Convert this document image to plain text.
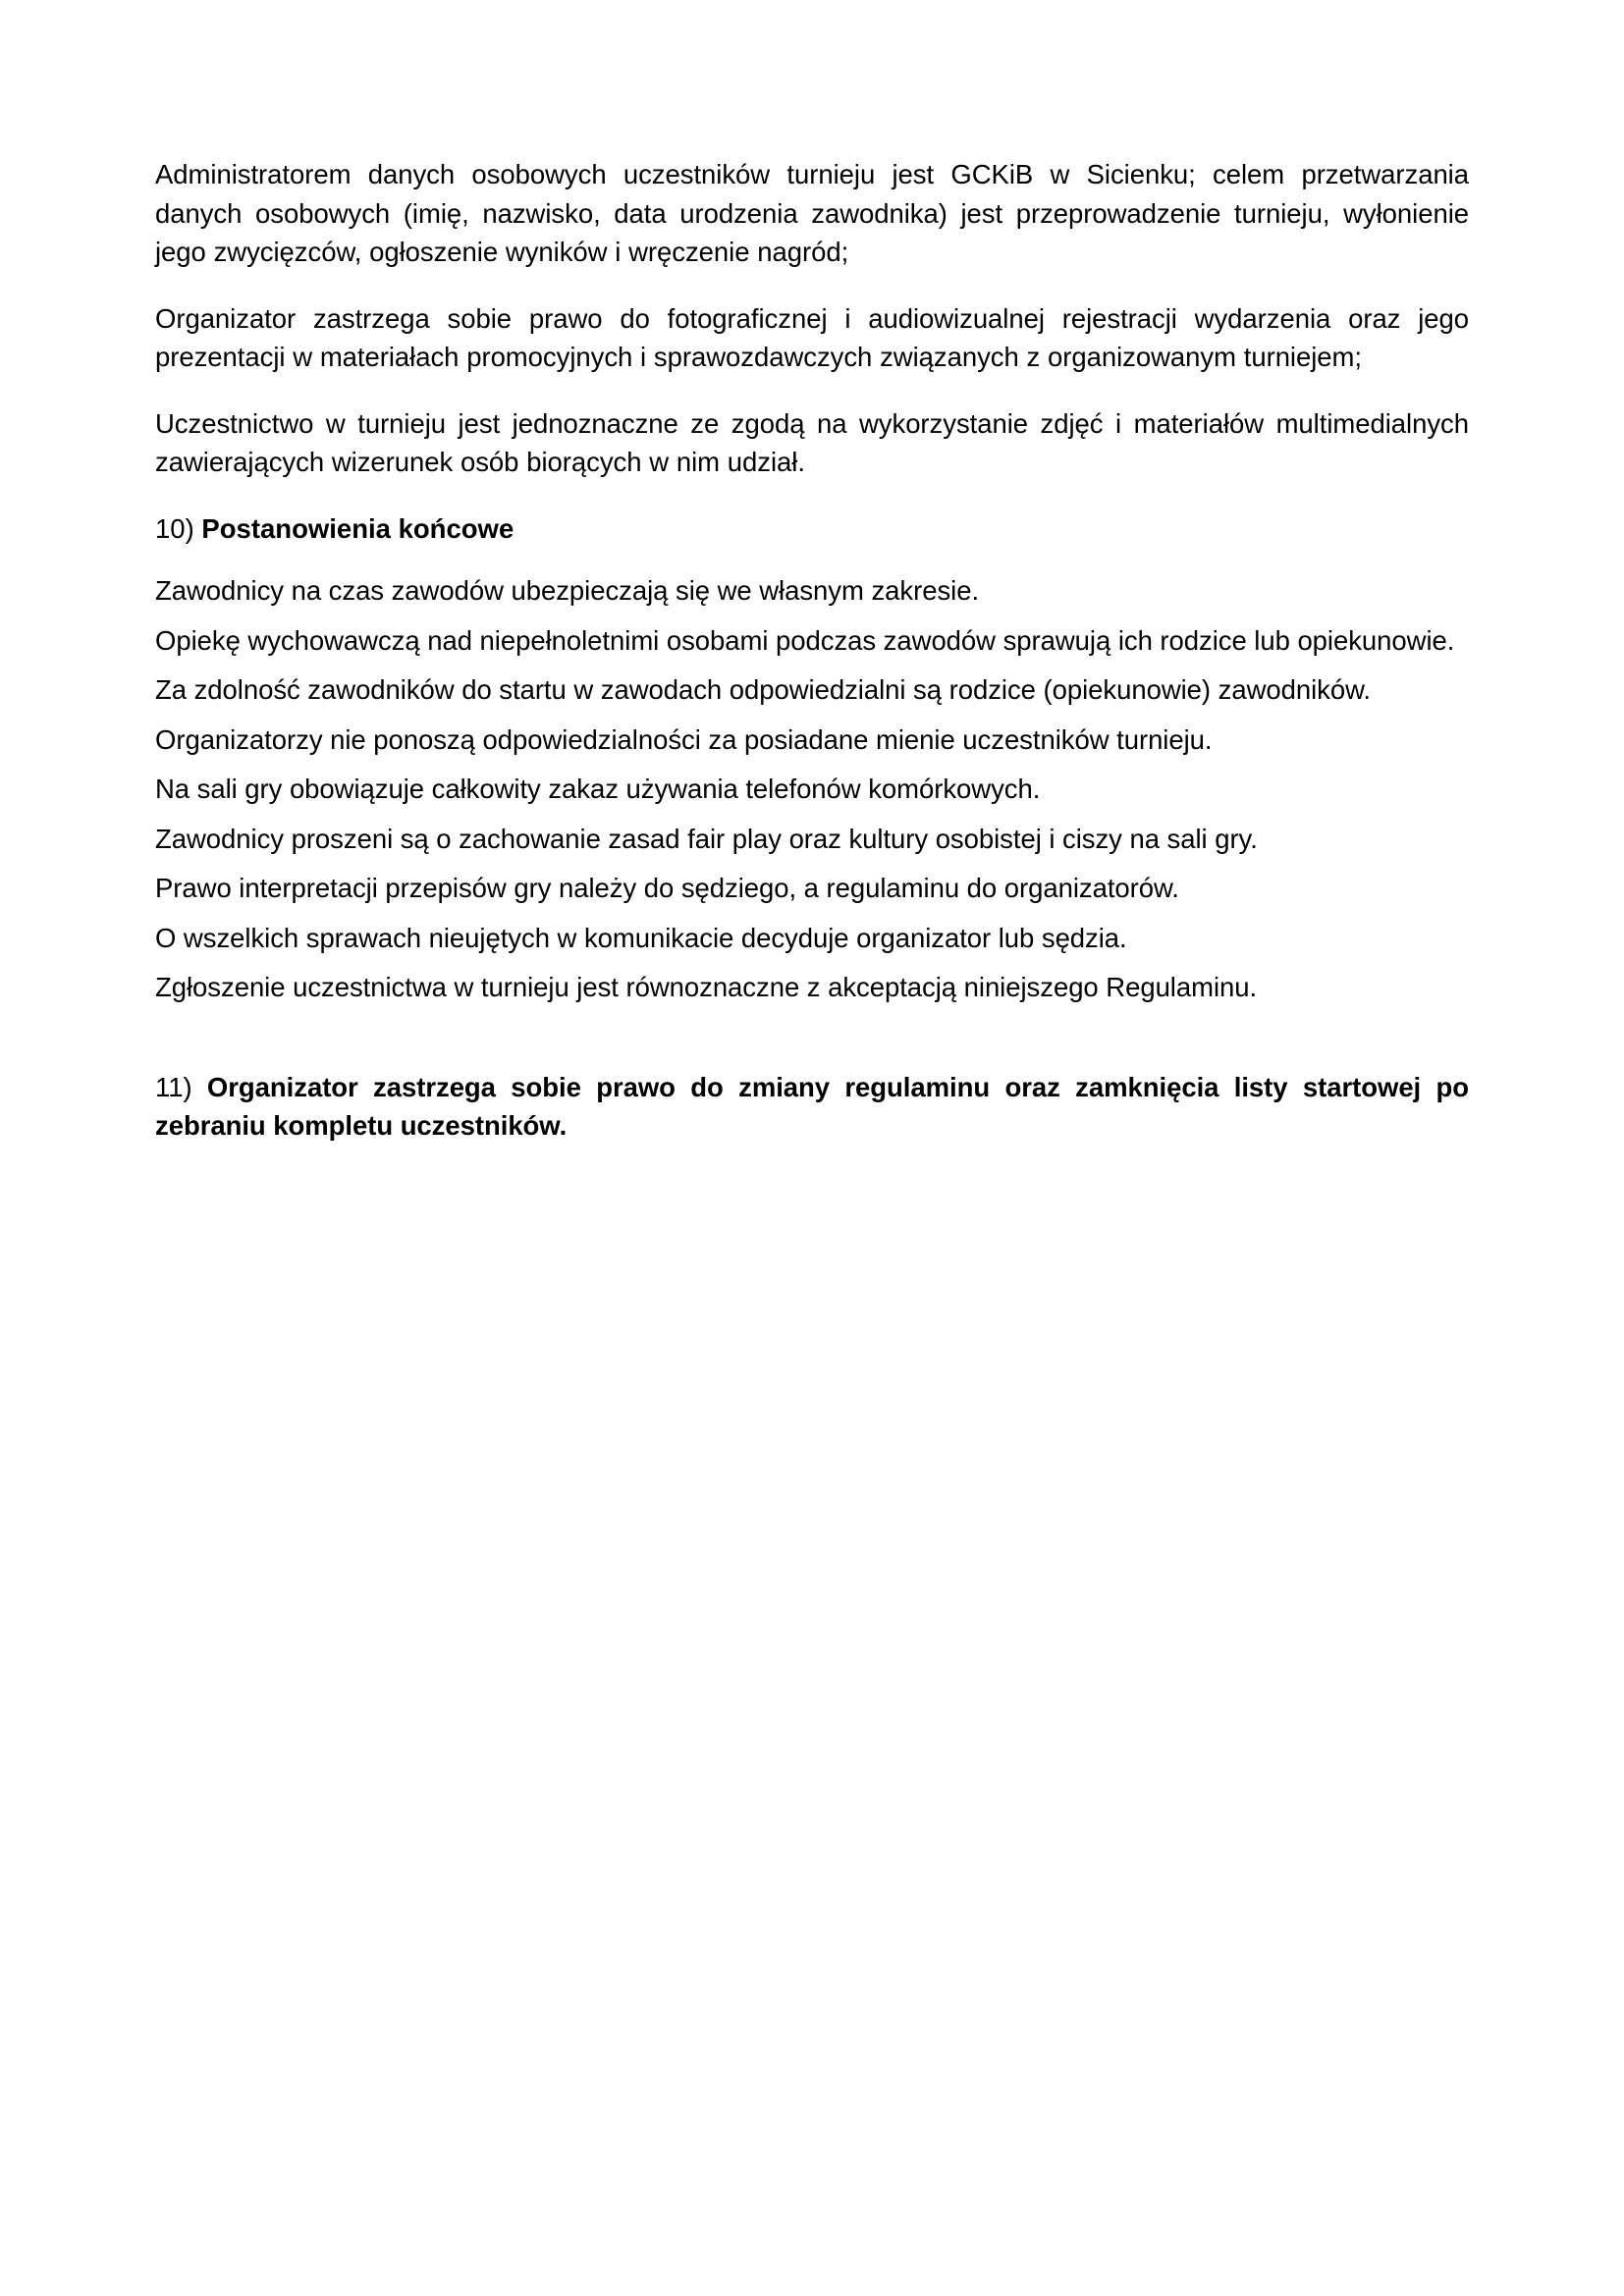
Administratorem danych osobowych uczestników turnieju jest GCKiB w Sicienku; celem przetwarzania danych osobowych (imię, nazwisko, data urodzenia zawodnika) jest przeprowadzenie turnieju, wyłonienie jego zwycięzców, ogłoszenie wyników i wręczenie nagród;

Organizator zastrzega sobie prawo do fotograficznej i audiowizualnej rejestracji wydarzenia oraz jego prezentacji w materiałach promocyjnych i sprawozdawczych związanych z organizowanym turniejem;

Uczestnictwo w turnieju jest jednoznaczne ze zgodą na wykorzystanie zdjęć i materiałów multimedialnych zawierających wizerunek osób biorących w nim udział.

10) Postanowienia końcowe

Zawodnicy na czas zawodów ubezpieczają się we własnym zakresie.
Opiekę wychowawczą nad niepełnoletnimi osobami podczas zawodów sprawują ich rodzice lub opiekunowie.
Za zdolność zawodników do startu w zawodach odpowiedzialni są rodzice (opiekunowie) zawodników.
Organizatorzy nie ponoszą odpowiedzialności za posiadane mienie uczestników turnieju.
Na sali gry obowiązuje całkowity zakaz używania telefonów komórkowych.
Zawodnicy proszeni są o zachowanie zasad fair play oraz kultury osobistej i ciszy na sali gry.
Prawo interpretacji przepisów gry należy do sędziego, a regulaminu do organizatorów.
O wszelkich sprawach nieujętych w komunikacie decyduje organizator lub sędzia.
Zgłoszenie uczestnictwa w turnieju jest równoznaczne z akceptacją niniejszego Regulaminu.

11) Organizator zastrzega sobie prawo do zmiany regulaminu oraz zamknięcia listy startowej po zebraniu kompletu uczestników.
